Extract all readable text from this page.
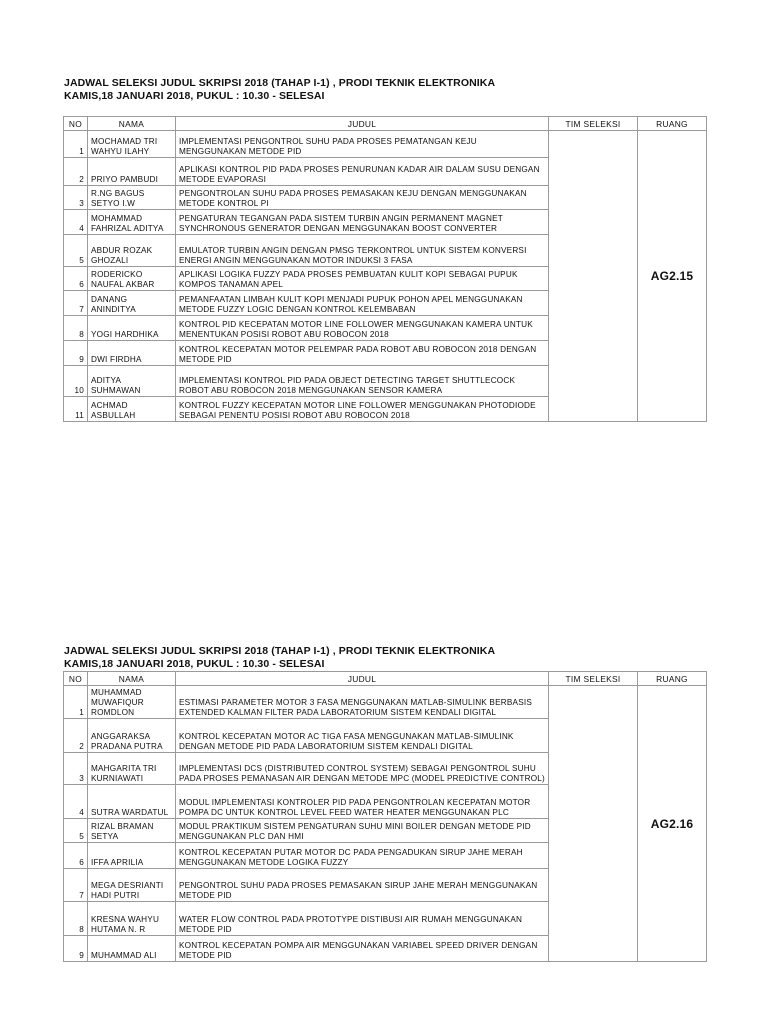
JADWAL SELEKSI JUDUL SKRIPSI 2018 (TAHAP I-1) , PRODI TEKNIK ELEKTRONIKA
KAMIS,18 JANUARI 2018, PUKUL : 10.30 - SELESAI
NO	NAMA	JUDUL	TIM SELEKSI	RUANG
1	MOCHAMAD TRI WAHYU ILAHY	IMPLEMENTASI PENGONTROL SUHU PADA PROSES PEMATANGAN KEJU MENGGUNAKAN METODE PID		AG2.15
2	PRIYO PAMBUDI	APLIKASI KONTROL PID PADA PROSES PENURUNAN KADAR AIR DALAM SUSU DENGAN METODE EVAPORASI		
3	R.NG BAGUS SETYO I.W	PENGONTROLAN SUHU PADA PROSES PEMASAKAN KEJU DENGAN MENGGUNAKAN METODE KONTROL PI		
4	MOHAMMAD FAHRIZAL ADITYA	PENGATURAN TEGANGAN PADA SISTEM TURBIN ANGIN PERMANENT MAGNET SYNCHRONOUS GENERATOR DENGAN MENGGUNAKAN BOOST CONVERTER		
5	ABDUR ROZAK GHOZALI	EMULATOR TURBIN ANGIN DENGAN PMSG TERKONTROL UNTUK SISTEM KONVERSI ENERGI ANGIN MENGGUNAKAN MOTOR INDUKSI 3 FASA		
6	RODERICKO NAUFAL AKBAR	APLIKASI LOGIKA FUZZY PADA PROSES PEMBUATAN KULIT KOPI SEBAGAI PUPUK KOMPOS TANAMAN APEL		
7	DANANG ANINDITYA	PEMANFAATAN LIMBAH KULIT KOPI MENJADI PUPUK POHON APEL MENGGUNAKAN METODE FUZZY LOGIC DENGAN KONTROL KELEMBABAN		
8	YOGI HARDHIKA	KONTROL PID KECEPATAN MOTOR LINE FOLLOWER MENGGUNAKAN KAMERA UNTUK MENENTUKAN POSISI ROBOT ABU ROBOCON 2018		
9	DWI FIRDHA	KONTROL KECEPATAN MOTOR PELEMPAR PADA ROBOT ABU ROBOCON 2018 DENGAN METODE PID		
10	ADITYA SUHMAWAN	IMPLEMENTASI KONTROL PID PADA OBJECT DETECTING TARGET SHUTTLECOCK ROBOT ABU ROBOCON 2018 MENGGUNAKAN SENSOR KAMERA		
11	ACHMAD ASBULLAH	KONTROL FUZZY KECEPATAN MOTOR LINE FOLLOWER MENGGUNAKAN PHOTODIODE SEBAGAI PENENTU POSISI ROBOT ABU ROBOCON 2018		
JADWAL SELEKSI JUDUL SKRIPSI 2018 (TAHAP I-1) , PRODI TEKNIK ELEKTRONIKA
KAMIS,18 JANUARI 2018, PUKUL : 10.30 - SELESAI
NO	NAMA	JUDUL	TIM SELEKSI	RUANG
1	MUHAMMAD MUWAFIQUR ROMDLON	ESTIMASI PARAMETER MOTOR 3 FASA MENGGUNAKAN MATLAB-SIMULINK BERBASIS EXTENDED KALMAN FILTER PADA LABORATORIUM SISTEM KENDALI DIGITAL		AG2.16
2	ANGGARAKSA PRADANA PUTRA	KONTROL KECEPATAN MOTOR AC TIGA FASA MENGGUNAKAN MATLAB-SIMULINK DENGAN METODE PID PADA LABORATORIUM SISTEM KENDALI DIGITAL		
3	MAHGARITA TRI KURNIAWATI	IMPLEMENTASI DCS (DISTRIBUTED CONTROL SYSTEM) SEBAGAI PENGONTROL SUHU PADA PROSES PEMANASAN AIR DENGAN METODE MPC (MODEL PREDICTIVE CONTROL)		
4	SUTRA WARDATUL	MODUL IMPLEMENTASI KONTROLER PID PADA PENGONTROLAN KECEPATAN MOTOR POMPA DC UNTUK KONTROL LEVEL FEED WATER HEATER MENGGUNAKAN PLC		
5	RIZAL BRAMAN SETYA	MODUL PRAKTIKUM SISTEM PENGATURAN SUHU MINI BOILER DENGAN METODE PID MENGGUNAKAN PLC DAN HMI		
6	IFFA APRILIA	KONTROL KECEPATAN PUTAR MOTOR DC PADA PENGADUKAN SIRUP JAHE MERAH MENGGUNAKAN METODE LOGIKA FUZZY		
7	MEGA DESRIANTI HADI PUTRI	PENGONTROL SUHU PADA PROSES PEMASAKAN SIRUP JAHE MERAH MENGGUNAKAN METODE PID		
8	KRESNA WAHYU HUTAMA N. R	WATER FLOW CONTROL PADA PROTOTYPE DISTIBUSI AIR RUMAH MENGGUNAKAN METODE PID		
9	MUHAMMAD ALI	KONTROL KECEPATAN POMPA AIR MENGGUNAKAN VARIABEL SPEED DRIVER DENGAN METODE PID		
